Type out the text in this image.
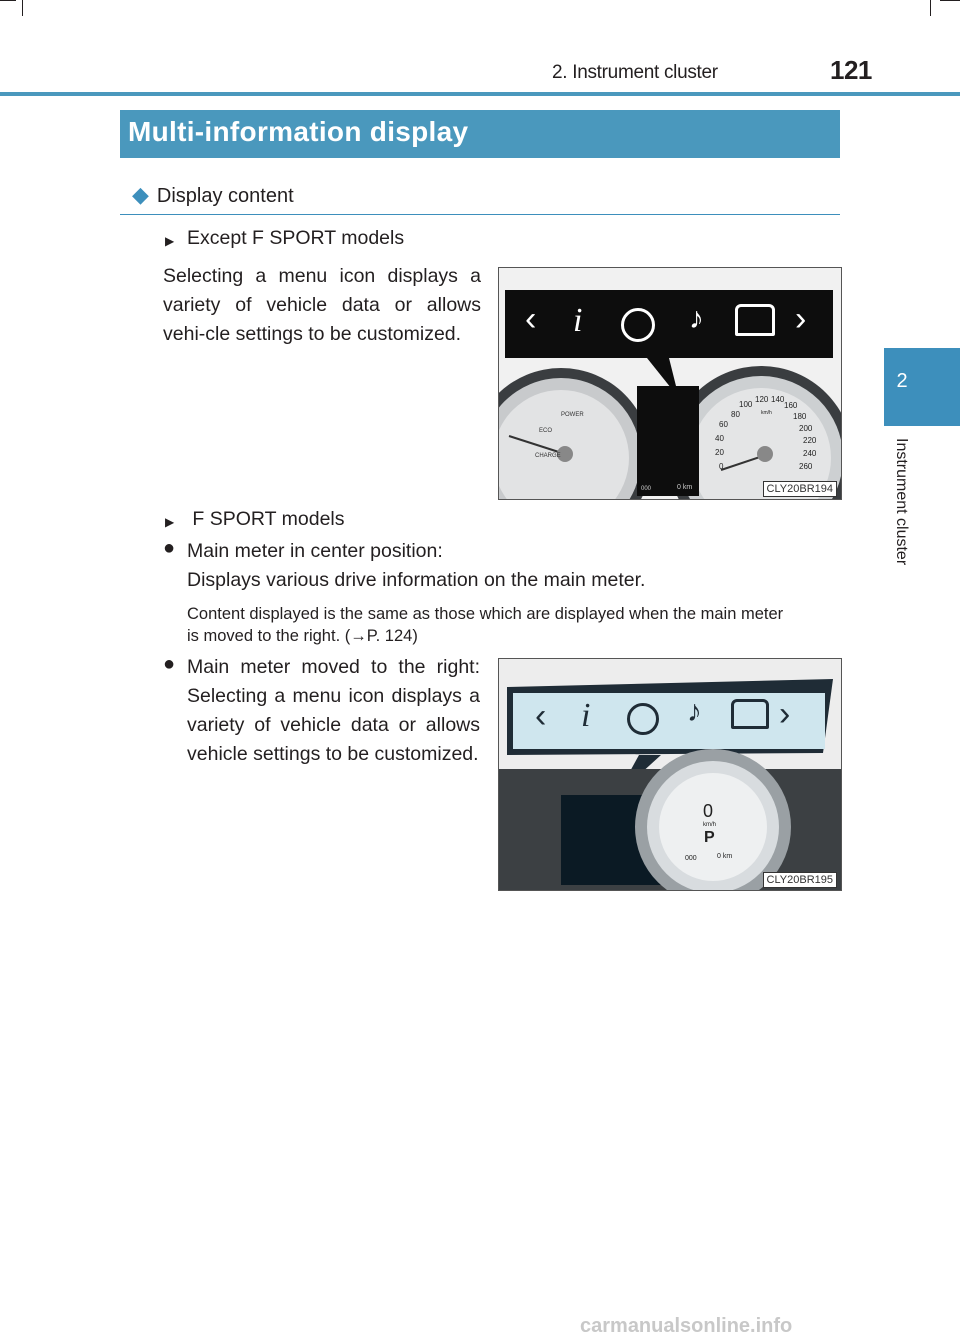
2. Instrument cluster	121
2
Instrument cluster
Multi-information display
◆ Display content
▶ Except F SPORT models
Selecting a menu icon displays a variety of vehicle data or allows vehi-cle settings to be customized.	‹ i	♪	›
POWER
ECO
CHARGE
0
20
40
60
80
100
120 140
160
180
200
220
240
260
km/h
000	0 km	CLY20BR194
▶ F SPORT models
● Main meter in center position:
Displays various drive information on the main meter.
Content displayed is the same as those which are displayed when the main meter
is moved to the right. (→P. 124)
● Main meter moved to the right: Selecting a menu icon displays a variety of vehicle data or allows vehicle settings to be customized.
‹ i	♪ ›
0
km/h
P
000	0 km
CLY20BR195
carmanualsonline.info
